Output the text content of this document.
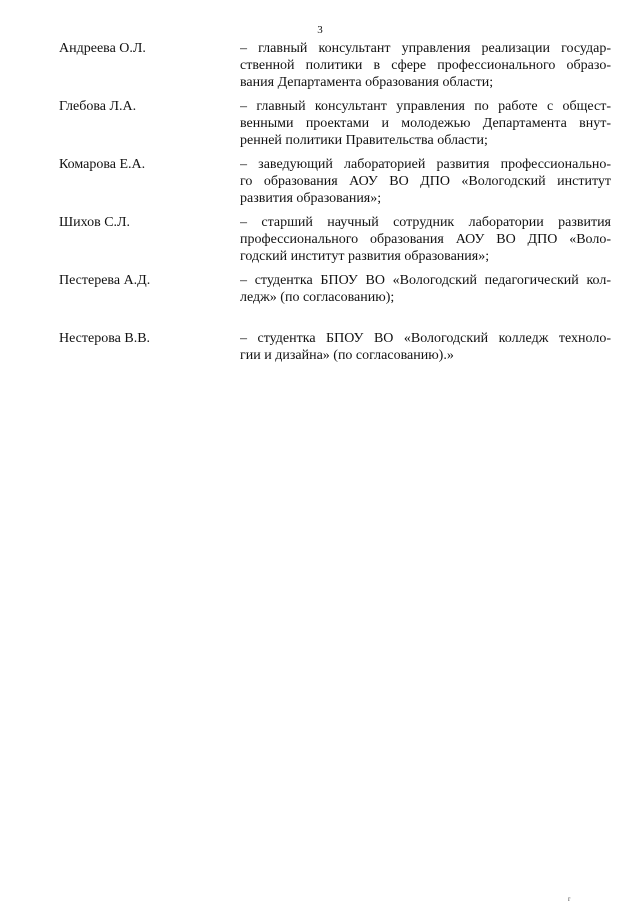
3
Андреева О.Л.	– главный консультант управления реализации государ-
ственной политики в сфере профессионального образо-
вания Департамента образования области;
Глебова Л.А.	– главный консультант управления по работе с общест-
венными проектами и молодежью Департамента внут-
ренней политики Правительства области;
Комарова Е.А.	– заведующий лабораторией развития профессионально-
го образования АОУ ВО ДПО «Вологодский институт
развития образования»;
Шихов С.Л.	– старший научный сотрудник лаборатории развития
профессионального образования АОУ ВО ДПО «Воло-
годский институт развития образования»;
Пестерева А.Д.	– студентка БПОУ ВО «Вологодский педагогический кол-
ледж» (по согласованию);
Нестерова В.В.	– студентка БПОУ ВО «Вологодский колледж техноло-
гии и дизайна» (по согласованию).»
r
